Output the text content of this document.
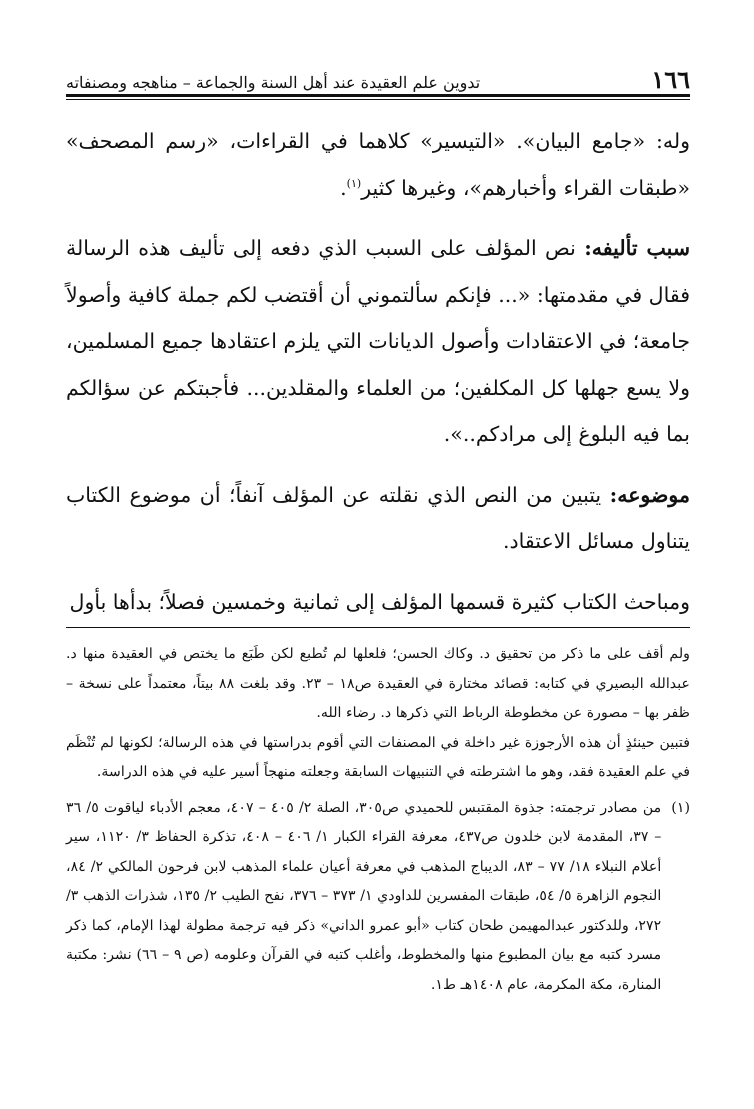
١٦٦
تدوين علم العقيدة عند أهل السنة والجماعة – مناهجه ومصنفاته

وله: «جامع البيان». «التيسير» كلاهما في القراءات، «رسم المصحف» «طبقات القراء وأخبارهم»، وغيرها كثير$^{(١)}$.

سبب تأليفه: نص المؤلف على السبب الذي دفعه إلى تأليف هذه الرسالة فقال في مقدمتها: «... فإنكم سألتموني أن أقتضب لكم جملة كافية وأصولاً جامعة؛ في الاعتقادات وأصول الديانات التي يلزم اعتقادها جميع المسلمين، ولا يسع جهلها كل المكلفين؛ من العلماء والمقلدين... فأجبتكم عن سؤالكم بما فيه البلوغ إلى مرادكم..».

موضوعه: يتبين من النص الذي نقلته عن المؤلف آنفاً؛ أن موضوع الكتاب يتناول مسائل الاعتقاد.

ومباحث الكتاب كثيرة قسمها المؤلف إلى ثمانية وخمسين فصلاً؛ بدأها بأول

ولم أقف على ما ذكر من تحقيق د. وكاك الحسن؛ فلعلها لم تُطبع لكن طَبَع ما يختص في العقيدة منها د. عبدالله البصيري في كتابه: قصائد مختارة في العقيدة ص١٨ – ٢٣. وقد بلغت ٨٨ بيتاً، معتمداً على نسخة – ظفر بها – مصورة عن مخطوطة الرباط التي ذكرها د. رضاء الله.

فتبين حينئذٍ أن هذه الأرجوزة غير داخلة في المصنفات التي أقوم بدراستها في هذه الرسالة؛ لكونها لم تُنْظَم في علم العقيدة فقد، وهو ما اشترطته في التنبيهات السابقة وجعلته منهجاً أسير عليه في هذه الدراسة.

(١)
من مصادر ترجمته: جذوة المقتبس للحميدي ص٣٠٥، الصلة ٢/ ٤٠٥ – ٤٠٧، معجم الأدباء لياقوت ٥/ ٣٦ – ٣٧، المقدمة لابن خلدون ص٤٣٧، معرفة القراء الكبار ١/ ٤٠٦ – ٤٠٨، تذكرة الحفاظ ٣/ ١١٢٠، سير أعلام النبلاء ١٨/ ٧٧ – ٨٣، الديباج المذهب في معرفة أعيان علماء المذهب لابن فرحون المالكي ٢/ ٨٤، النجوم الزاهرة ٥/ ٥٤، طبقات المفسرين للداودي ١/ ٣٧٣ – ٣٧٦، نفح الطيب ٢/ ١٣٥، شذرات الذهب ٣/ ٢٧٢، وللدكتور عبدالمهيمن طحان كتاب «أبو عمرو الداني» ذكر فيه ترجمة مطولة لهذا الإمام، كما ذكر مسرد كتبه مع بيان المطبوع منها والمخطوط، وأغلب كتبه في القرآن وعلومه (ص ٩ – ٦٦) نشر: مكتبة المنارة، مكة المكرمة، عام ١٤٠٨هـ ط١.
